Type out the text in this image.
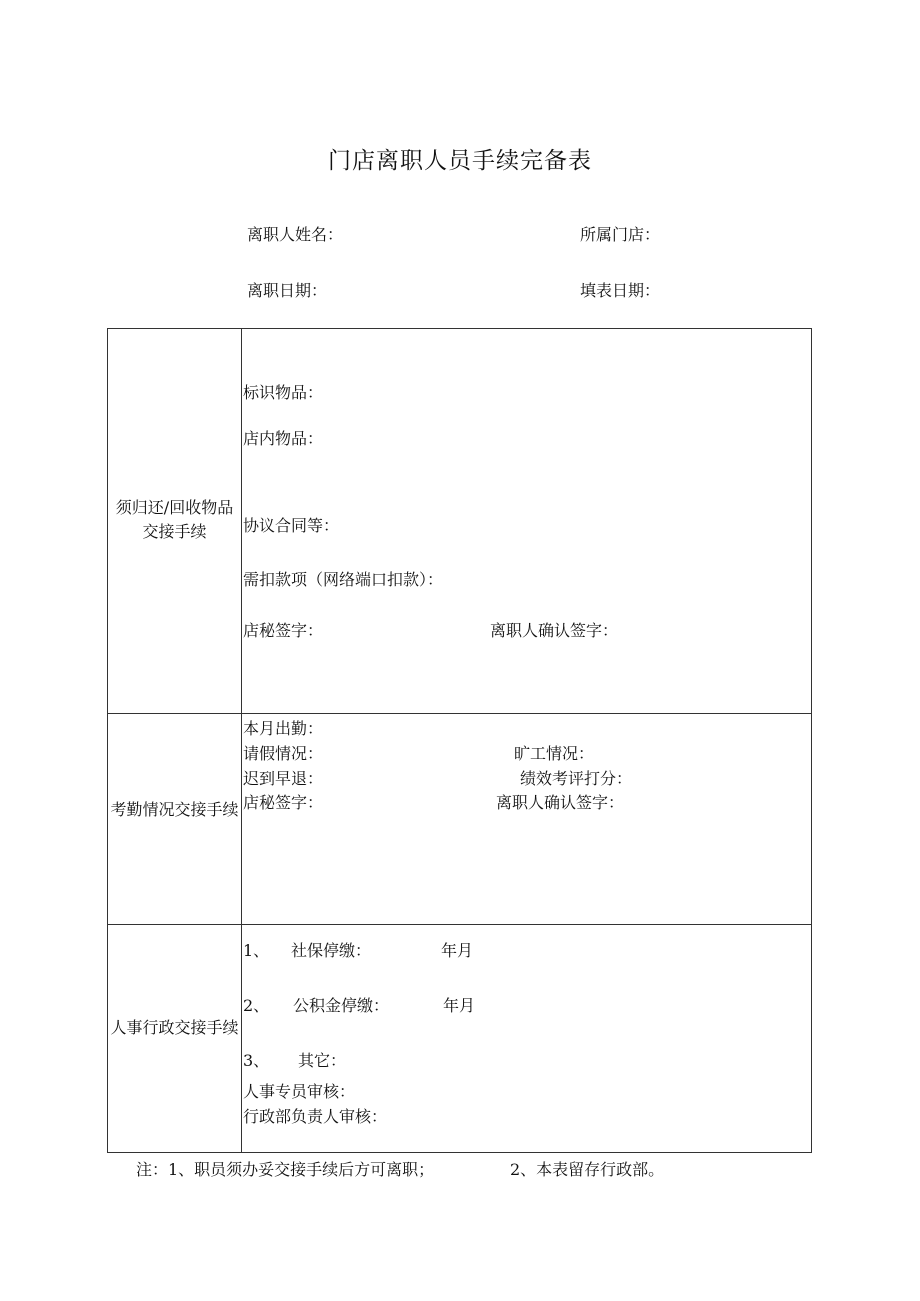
门店离职人员手续完备表
离职人姓名：	所属门店：
离职日期：	填表日期：
须归还/回收物品交接手续
标识物品：
店内物品：
协议合同等：
需扣款项（网络端口扣款）：
店秘签字：	离职人确认签字：
考勤情况交接手续
本月出勤：
请假情况：	旷工情况：
迟到早退：	绩效考评打分：
店秘签字：	离职人确认签字：
人事行政交接手续
1、 社保停缴：	年月
2、 公积金停缴：	年月
3、 其它：
人事专员审核：
行政部负责人审核：
注：1、职员须办妥交接手续后方可离职；	2、本表留存行政部。
